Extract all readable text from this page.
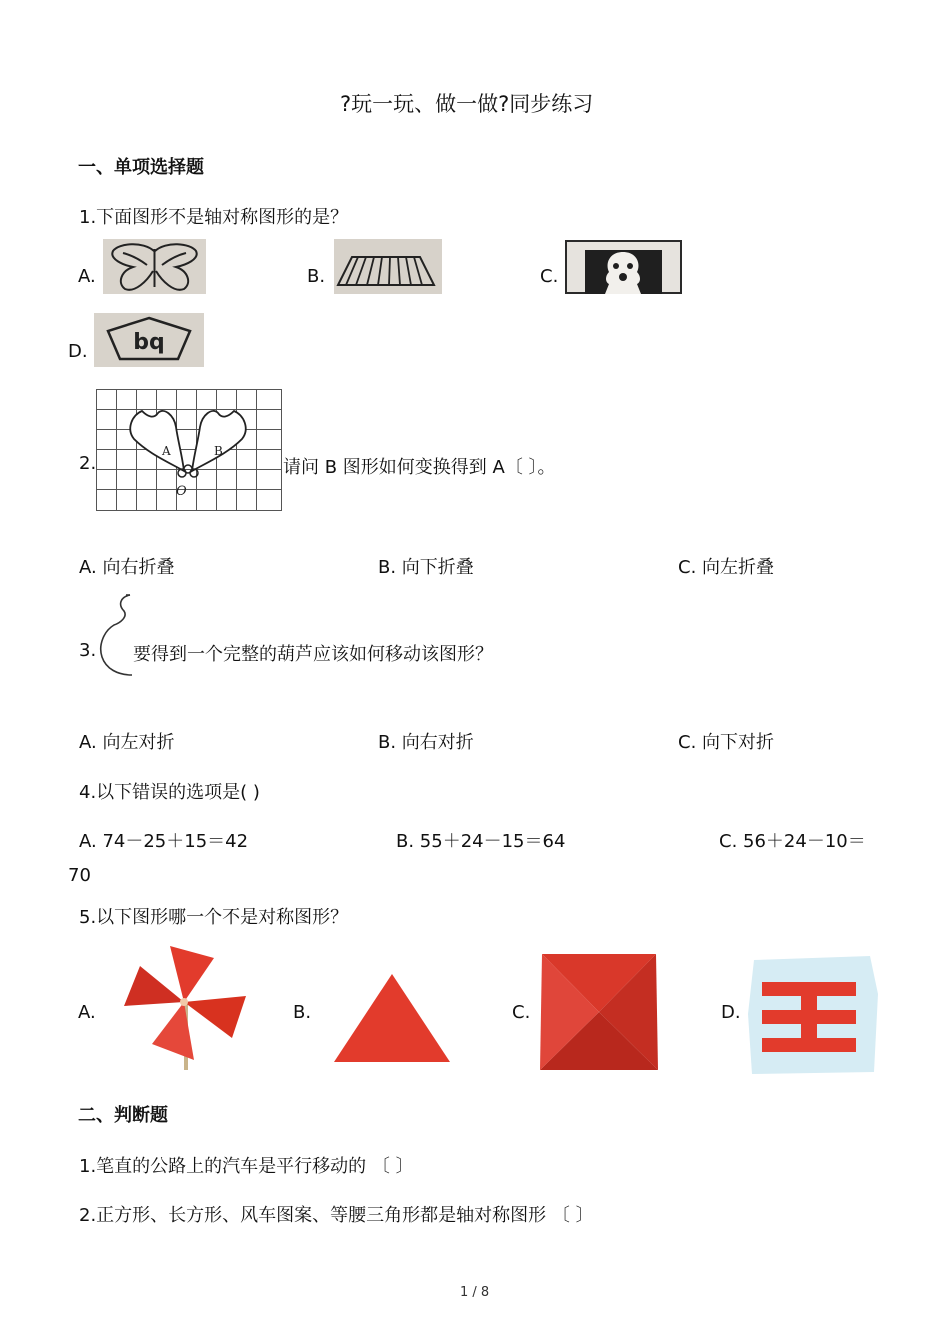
?玩一玩、做一做?同步练习
一、单项选择题
1.下面图形不是轴对称图形的是？
A.	B.	C.
D. bq
2.
A	B
O
请问 B 图形如何变换得到 A〔 〕。
A. 向右折叠	B. 向下折叠	C. 向左折叠
3. 要得到一个完整的葫芦应该如何移动该图形？
A. 向左对折	B. 向右对折	C. 向下对折
4.以下错误的选项是( )
A. 74－25＋15＝42	B. 55＋24－15＝64	C. 56＋24－10＝
70
5.以下图形哪一个不是对称图形？
A.	B.	C.	D.
二、判断题
1.笔直的公路上的汽车是平行移动的 〔 〕
2.正方形、长方形、风车图案、等腰三角形都是轴对称图形 〔 〕
1 / 8
